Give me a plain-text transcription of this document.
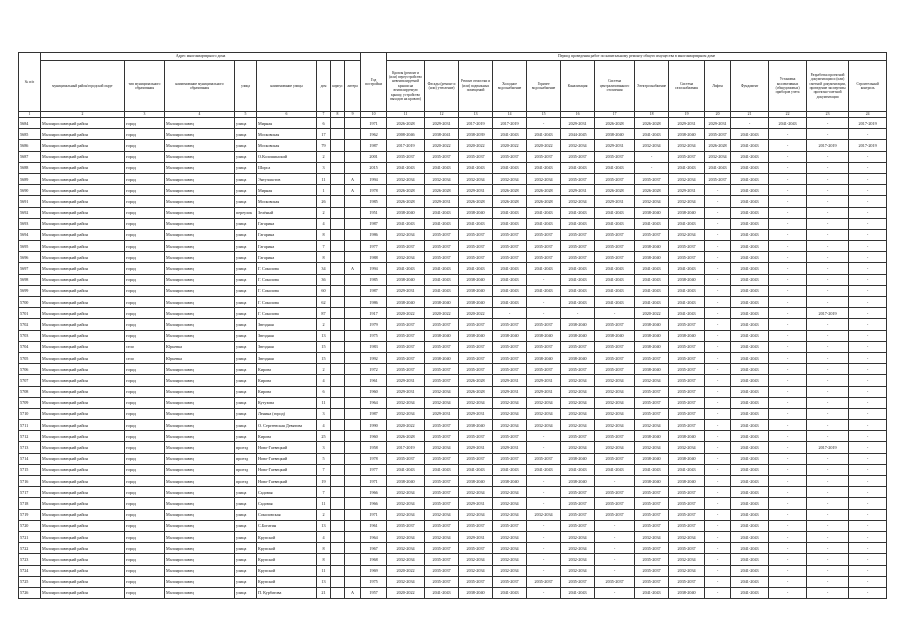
№ п/п	Адрес многоквартирного дома								Год постройки	Период проведения работ по капитальному ремонту общего имущества в многоквартирном доме													
	муниципальный район/городской округ	тип муниципального образования	наименование муниципального образования	улица	наименование улицы	дом	корпус	литера		Кровля (ремонт и (или) переустройство невентилируемой крыши на вентилируемую крышу, устройство выходов на кровлю)	Фасады (ремонт и (или) утепление)	Ремонт отмостки и (или) подвальных помещений	Холодное водоснабжение	Горячее водоснабжение	Канализация	Система централизованного отопления	Электроснабжение	Система газоснабжения	Лифты	Фундамент	Установка коллективных (общедомовых) приборов учета	Разработка проектной документации и (или) сметной документации, проведение экспертизы проектно-сметной документации	Строительный контроль
1	2	3	4	5	6	7	8	9	10	11	12	13	14	15	16	17	18	19	20	21	22	23	24
5684	Малоярославецкий район	город	Малоярославец	улица	Мирная	6			1971	2026-2028	2029-2031	2017-2019	2017-2019	-	2029-2031	2026-2028	2026-2028	2029-2031	2029-2031	-	2041-2043	-	2017-2019
5685	Малоярославецкий район	город	Малоярославец	улица	Московская	17			1962	2008-2046	2038-2041	2038-2039	2041-2043	2041-2043	2044-2045	2038-2040	2041-2043	2038-2040	2035-2037	2041-2043	-	-	-
5686	Малоярославецкий район	город	Малоярославец	улица	Московская	79			1987	2017-2019	2020-2022	2020-2022	2020-2022	2020-2022	2032-2034	2029-2031	2032-2034	2032-2034	2026-2028	2041-2043	-	2017-2019	2017-2019
5687	Малоярославецкий район	город	Малоярославец	улица	О.Колошинский	2			2001	2035-2037	2035-2037	2035-2037	2035-2037	2035-2037	2035-2037	2035-2037	-	2035-2037	2032-2034	2041-2043	-	-	-
5688	Малоярославецкий район	город	Малоярославец	улица	Шорса	3			2015	2041-2043	2041-2043	2041-2043	2041-2043	2041-2043	2041-2043	2041-2043	-	2041-2043	2041-2043	2041-2043	-	-	-
5689	Малоярославецкий район	город	Малоярославец	улица	Энтузиастов	11		А	1994	2032-2034	2032-2034	2032-2034	2032-2034	2032-2034	2035-2037	2035-2037	2035-2037	2032-2034	2035-2037	2041-2043	-	-	-
5690	Малоярославецкий район	город	Малоярославец	улица	Мирная	1		А	1978	2026-2028	2026-2028	2029-2031	2026-2028	2026-2028	2029-2031	2026-2028	2026-2028	2029-2031	-	2041-2043	-	-	-
5691	Малоярославецкий район	город	Малоярославец	улица	Московская	26			1985	2026-2028	2029-2031	2026-2028	2026-2028	2026-2028	2032-2034	2029-2031	2032-2034	2032-2034	-	2041-2043	-	-	-
5692	Малоярославецкий район	город	Малоярославец	переулок	Зелёный	2			1951	2038-2040	2041-2043	2038-2040	2041-2043	2041-2043	2041-2043	2041-2043	2038-2040	2038-2040	-	2041-2043	-	-	-
5693	Малоярославецкий район	город	Малоярославец	улица	Гагарина	4			1987	2041-2043	2041-2043	2041-2043	2041-2043	2041-2043	2041-2043	2041-2043	2041-2043	2041-2043	-	2041-2043	-	-	-
5694	Малоярославецкий район	город	Малоярославец	улица	Гагарина	8			1986	2032-2034	2035-2037	2035-2037	2035-2037	2035-2037	2035-2037	2035-2037	2035-2037	2032-2034	-	2041-2043	-	-	-
5695	Малоярославецкий район	город	Малоярославец	улица	Гагарина	7			1977	2035-2037	2035-2037	2035-2037	2035-2037	2035-2037	2035-2037	2035-2037	2038-2040	2035-2037	-	2041-2043	-	-	-
5696	Малоярославецкий район	город	Малоярославец	улица	Гагарина	8			1988	2032-2034	2035-2037	2035-2037	2035-2037	2035-2037	2035-2037	2035-2037	2038-2040	2035-2037	-	2041-2043	-	-	-
5697	Малоярославецкий район	город	Малоярославец	улица	Г. Соколова	34		А	1994	2041-2043	2041-2043	2041-2043	2041-2043	2041-2043	2041-2043	2041-2043	2041-2043	2041-2043	-	2041-2043	-	-	-
5698	Малоярославецкий район	город	Малоярославец	улица	Г. Соколова	36			1985	2038-2040	2041-2043	2038-2040	2041-2043	-	2041-2043	2041-2043	2041-2043	2038-2040	-	2041-2043	-	-	-
5699	Малоярославецкий район	город	Малоярославец	улица	Г. Соколова	60			1987	2029-2031	2041-2043	2038-2040	2041-2043	2041-2043	2041-2043	2041-2043	2041-2043	2041-2043	-	2041-2043	-	-	-
5700	Малоярославецкий район	город	Малоярославец	улица	Г. Соколова	62			1986	2038-2040	2038-2040	2038-2040	2041-2043	-	2041-2043	2041-2043	2041-2043	2041-2043	-	2041-2043	-	-	-
5701	Малоярославецкий район	город	Малоярославец	улица	Г. Соколова	87			1917	2020-2022	2020-2022	2020-2022	-	-	-	-	2020-2022	2041-2043	-	2041-2043	-	2017-2019	-
5702	Малоярославецкий район	город	Малоярославец	улица	Звездная	2			1979	2035-2037	2035-2037	2035-2037	2035-2037	2035-2037	2038-2040	2035-2037	2038-2040	2035-2037	-	2041-2043	-	-	-
5703	Малоярославецкий район	город	Малоярославец	улица	Звездная	13			1975	2035-2037	2038-2040	2038-2040	2038-2040	2038-2040	2038-2040	2038-2040	2038-2040	2038-2040	-	2041-2043	-	-	-
5704	Малоярославецкий район	село	Юрьевка	улица	Звездная	15			1983	2035-2037	2035-2037	2035-2037	2035-2037	2035-2037	2035-2037	2035-2037	2038-2040	2035-2037	-	2041-2043	-	-	-
5705	Малоярославецкий район	село	Юрьевка	улица	Звездная	15			1992	2035-2037	2038-2040	2035-2037	2035-2037	2038-2040	2038-2040	2035-2037	2035-2037	2035-2037	-	2041-2043	-	-	-
5706	Малоярославецкий район	город	Малоярославец	улица	Кирова	2			1972	2035-2037	2035-2037	2035-2037	2035-2037	2035-2037	2035-2037	2035-2037	2038-2040	2035-2037	-	2041-2043	-	-	-
5707	Малоярославецкий район	город	Малоярославец	улица	Кирова	4			1961	2029-2031	2035-2037	2026-2028	2029-2031	2029-2031	2032-2034	2032-2034	2032-2034	2035-2037	-	2041-2043	-	-	-
5708	Малоярославецкий район	город	Малоярославец	улица	Кирова	6			1960	2029-2031	2032-2034	2026-2028	2029-2031	2029-2031	2032-2034	2032-2034	2035-2037	2035-2037	-	2041-2043	-	-	-
5709	Малоярославецкий район	город	Малоярославец	улица	Кутузова	11			1964	2032-2034	2032-2034	2032-2034	2032-2034	2032-2034	2032-2034	2032-2034	2035-2037	2035-2037	-	2041-2043	-	-	-
5710	Малоярославецкий район	город	Малоярославец	улица	Ленина (город)	3			1987	2032-2034	2029-2031	2029-2031	2032-2034	2032-2034	2032-2034	2032-2034	2035-2037	2035-2037	-	2041-2043	-	-	-
5711	Малоярославецкий район	город	Малоярославец	улица	О. Сергеевская Девятова	4			1990	2020-2022	2035-2037	2038-2040	2032-2034	2032-2034	2032-2034	2032-2034	2032-2034	2035-2037	-	2041-2043	-	-	-
5712	Малоярославецкий район	город	Малоярославец	улица	Кирова	25			1960	2026-2028	2035-2037	2035-2037	2035-2037	-	2035-2037	2035-2037	2038-2040	2038-2040	-	2041-2043	-	-	-
5713	Малоярославецкий район	город	Малоярославец	проезд	Ново-Гаевецкий	3			1958	2017-2019	2032-2034	2029-2031	2029-2031	-	2032-2034	2032-2034	2032-2034	2032-2034	-	2041-2043	-	2017-2019	-
5714	Малоярославецкий район	город	Малоярославец	проезд	Ново-Гаевецкий	5			1978	2035-2037	2035-2037	2035-2037	2035-2037	2035-2037	2038-2040	2035-2037	2038-2040	2038-2040	-	2041-2043	-	-	-
5715	Малоярославецкий район	город	Малоярославец	проезд	Ново-Гаевецкий	7			1977	2041-2043	2041-2043	2041-2043	2041-2043	2041-2043	2041-2043	2041-2043	2041-2043	2041-2043	-	2041-2043	-	-	-
5716	Малоярославецкий район	город	Малоярославец	проезд	Ново-Гаевецкий	19			1971	2038-2040	2035-2037	2038-2040	2038-2040	-	2038-2040	-	2038-2040	2038-2040	-	2041-2043	-	-	-
5717	Малоярославецкий район	город	Малоярославец	улица	Садовая	7			1966	2032-2034	2035-2037	2032-2034	2032-2034	-	2035-2037	2035-2037	2035-2037	2035-2037	-	2041-2043	-	-	-
5718	Малоярославецкий район	город	Малоярославец	улица	Садовая	11			1966	2032-2034	2035-2037	2029-2031	2032-2034	-	2035-2037	2035-2037	2035-2037	2035-2037	-	2041-2043	-	-	-
5719	Малоярославецкий район	город	Малоярославец	улица	Соколовская	2			1971	2032-2034	2032-2034	2032-2034	2032-2034	2032-2034	2035-2037	2035-2037	2035-2037	2035-2037	-	2041-2043	-	-	-
5720	Малоярославецкий район	город	Малоярославец	улица	С.Богатин	13			1961	2035-2037	2035-2037	2035-2037	2035-2037	-	2035-2037	-	2035-2037	2035-2037	-	2041-2043	-	-	-
5721	Малоярославецкий район	город	Малоярославец	улица	Крупской	4			1964	2032-2034	2032-2034	2029-2031	2032-2034	-	2032-2034	-	2032-2034	2032-2034	-	2041-2043	-	-	-
5722	Малоярославецкий район	город	Малоярославец	улица	Крупской	8			1967	2032-2034	2035-2037	2035-2037	2032-2034	-	2032-2034	-	2035-2037	2035-2037	-	2041-2043	-	-	-
5723	Малоярославецкий район	город	Малоярославец	улица	Крупской	8			1968	2032-2034	2035-2037	2032-2034	2032-2034	-	2032-2034	-	2035-2037	2032-2034	-	2041-2043	-	-	-
5724	Малоярославецкий район	город	Малоярославец	улица	Крупской	11			1969	2020-2022	2035-2037	2032-2034	2032-2034	-	2032-2034	-	2035-2037	2032-2034	-	2041-2043	-	-	-
5725	Малоярославецкий район	город	Малоярославец	улица	Крупской	13			1975	2032-2034	2035-2037	2035-2037	2035-2037	2035-2037	2035-2037	2035-2037	2035-2037	2035-2037	-	2041-2043	-	-	-
5726	Малоярославецкий район	город	Малоярославец	улица	П. Курбатова	21		А	1957	2020-2022	2041-2043	2038-2040	2041-2043	-	2041-2043	-	2041-2043	2038-2040	-	2041-2043	-	-	-
